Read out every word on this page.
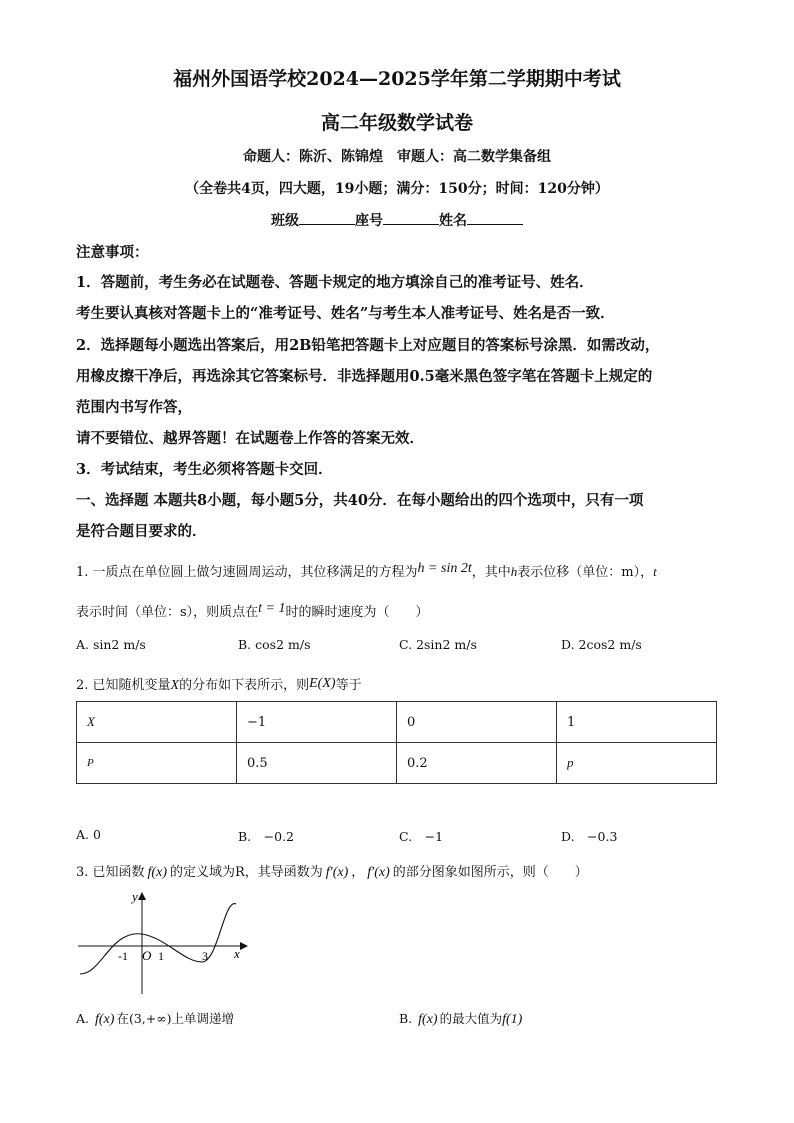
福州外国语学校2024—2025学年第二学期期中考试
高二年级数学试卷
命题人：陈沂、陈锦煌　审题人：高二数学集备组
（全卷共4页，四大题，19小题；满分：150分；时间：120分钟）
班级	座号	姓名
注意事项：
1．答题前，考生务必在试题卷、答题卡规定的地方填涂自己的准考证号、姓名．
考生要认真核对答题卡上的“准考证号、姓名”与考生本人准考证号、姓名是否一致．
2．选择题每小题选出答案后，用2B铅笔把答题卡上对应题目的答案标号涂黑．如需改动，
用橡皮擦干净后，再选涂其它答案标号．非选择题用0.5毫米黑色签字笔在答题卡上规定的
范围内书写作答，
请不要错位、越界答题！在试题卷上作答的答案无效．
3．考试结束，考生必须将答题卡交回．
一、选择题 本题共8小题，每小题5分，共40分．在每小题给出的四个选项中，只有一项
是符合题目要求的．
1. 一质点在单位圆上做匀速圆周运动，其位移满足的方程为h = sin 2t，其中h表示位移（单位：m），t
表示时间（单位：s），则质点在t = 1时的瞬时速度为（　　）
A. sin2 m/s	B. cos2 m/s	C. 2sin2 m/s	D. 2cos2 m/s
2. 已知随机变量X的分布如下表所示，则E(X)等于
X	−1	0	1
P	0.5	0.2	p
A. 0	B.　−0.2	C.　−1	D.　−0.3
3. 已知函数 f(x) 的定义域为R，其导函数为 f′(x) ， f′(x) 的部分图象如图所示，则（　　）
y
x
O
-1	1	3
A. f(x) 在(3,+∞)上单调递增	B. f(x) 的最大值为f(1)
